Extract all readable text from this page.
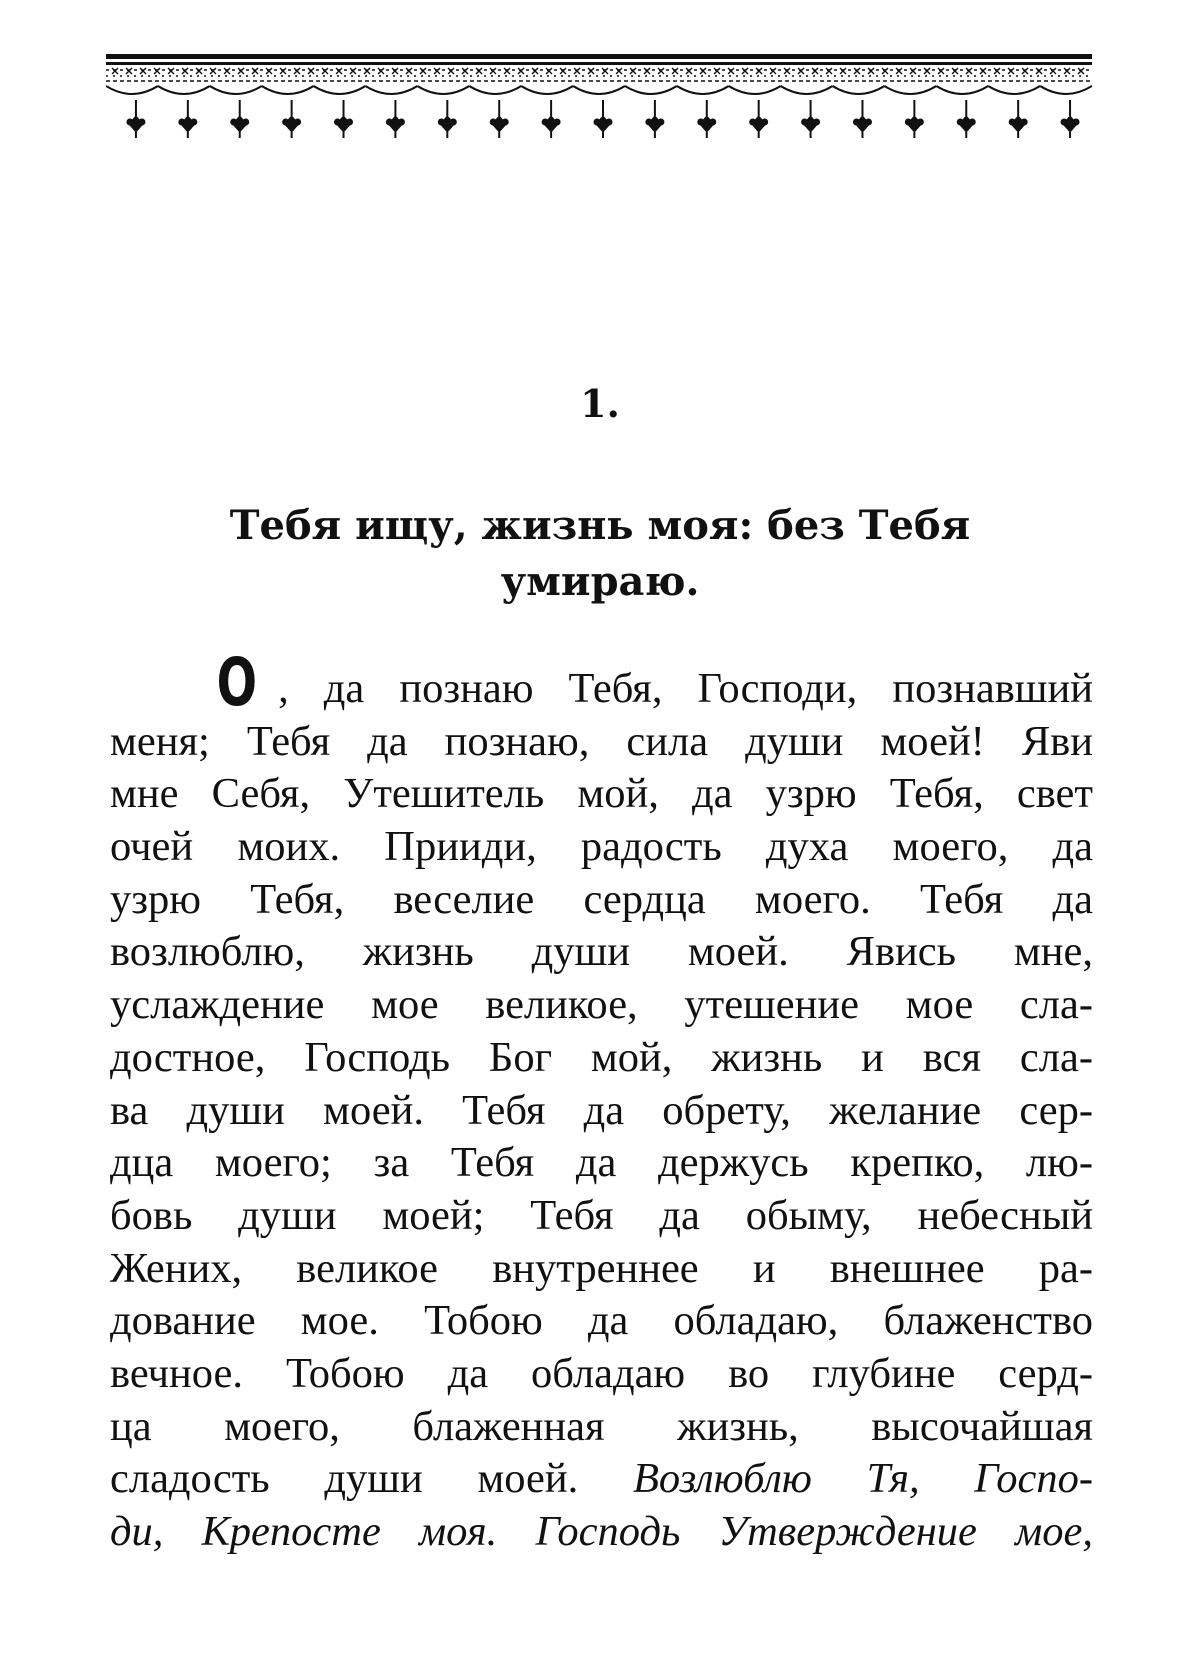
1.
Тебя ищу, жизнь моя: без Тебя
умираю.
О , да познаю Тебя, Господи, познавший
меня; Тебя да познаю, сила души моей! Яви
мне Себя, Утешитель мой, да узрю Тебя, свет
очей моих. Прииди, радость духа моего, да
узрю Тебя, веселие сердца моего. Тебя да
возлюблю, жизнь души моей. Явись мне,
услаждение мое великое, утешение мое сла-
достное, Господь Бог мой, жизнь и вся сла-
ва души моей. Тебя да обрету, желание сер-
дца моего; за Тебя да держусь крепко, лю-
бовь души моей; Тебя да обыму, небесный
Жених, великое внутреннее и внешнее ра-
дование мое. Тобою да обладаю, блаженство
вечное. Тобою да обладаю во глубине серд-
ца моего, блаженная жизнь, высочайшая
сладость души моей. Возлюблю Тя, Госпо-
ди, Крепосте моя. Господь Утверждение мое,
